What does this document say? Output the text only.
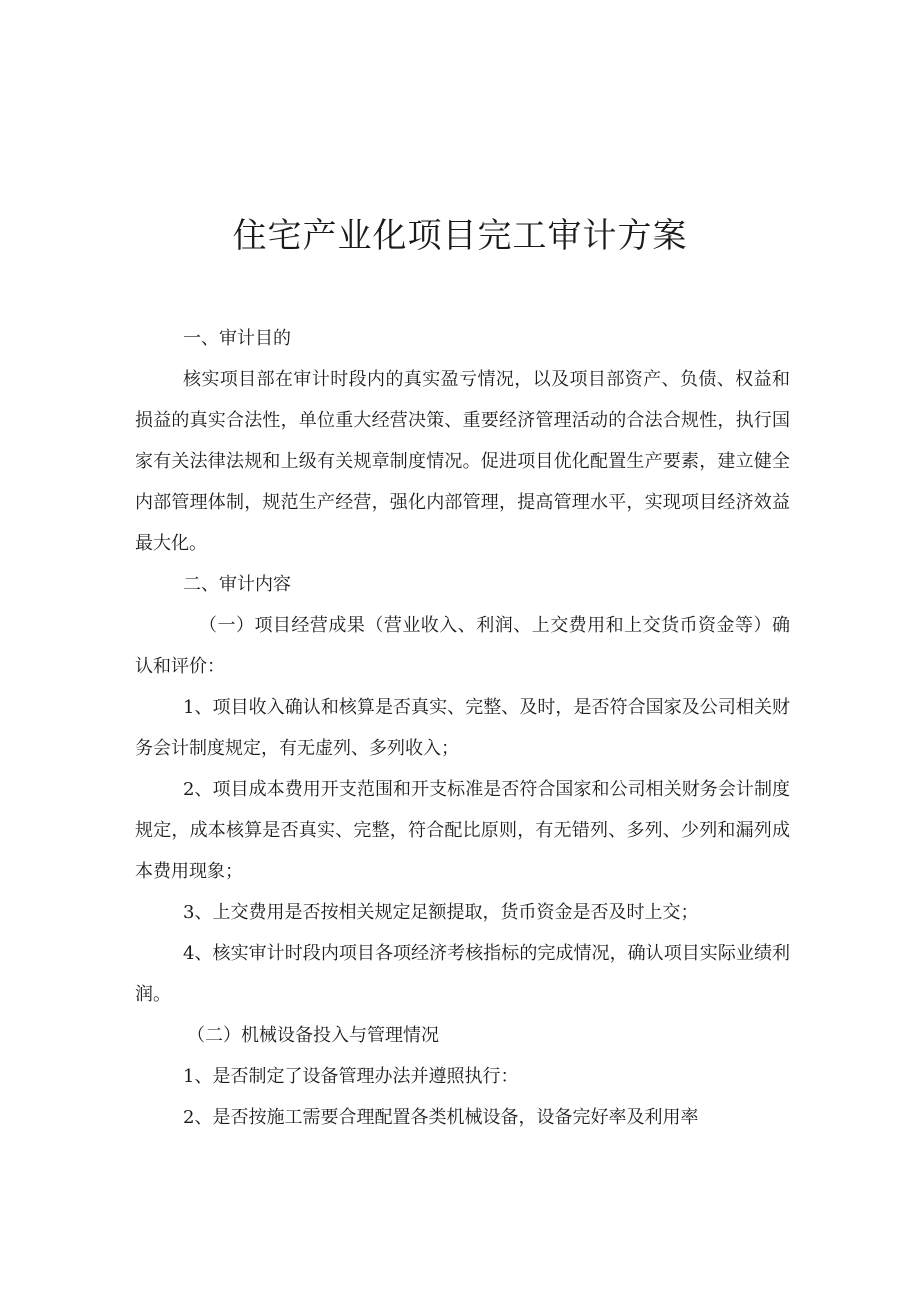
住宅产业化项目完工审计方案

一、审计目的

核实项目部在审计时段内的真实盈亏情况，以及项目部资产、负债、权益和损益的真实合法性，单位重大经营决策、重要经济管理活动的合法合规性，执行国家有关法律法规和上级有关规章制度情况。促进项目优化配置生产要素，建立健全内部管理体制，规范生产经营，强化内部管理，提高管理水平，实现项目经济效益最大化。

二、审计内容

（一）项目经营成果（营业收入、利润、上交费用和上交货币资金等）确认和评价：

1、项目收入确认和核算是否真实、完整、及时，是否符合国家及公司相关财务会计制度规定，有无虚列、多列收入；

2、项目成本费用开支范围和开支标准是否符合国家和公司相关财务会计制度规定，成本核算是否真实、完整，符合配比原则，有无错列、多列、少列和漏列成本费用现象；

3、上交费用是否按相关规定足额提取，货币资金是否及时上交；

4、核实审计时段内项目各项经济考核指标的完成情况，确认项目实际业绩利润。

（二）机械设备投入与管理情况

1、是否制定了设备管理办法并遵照执行：

2、是否按施工需要合理配置各类机械设备，设备完好率及利用率
